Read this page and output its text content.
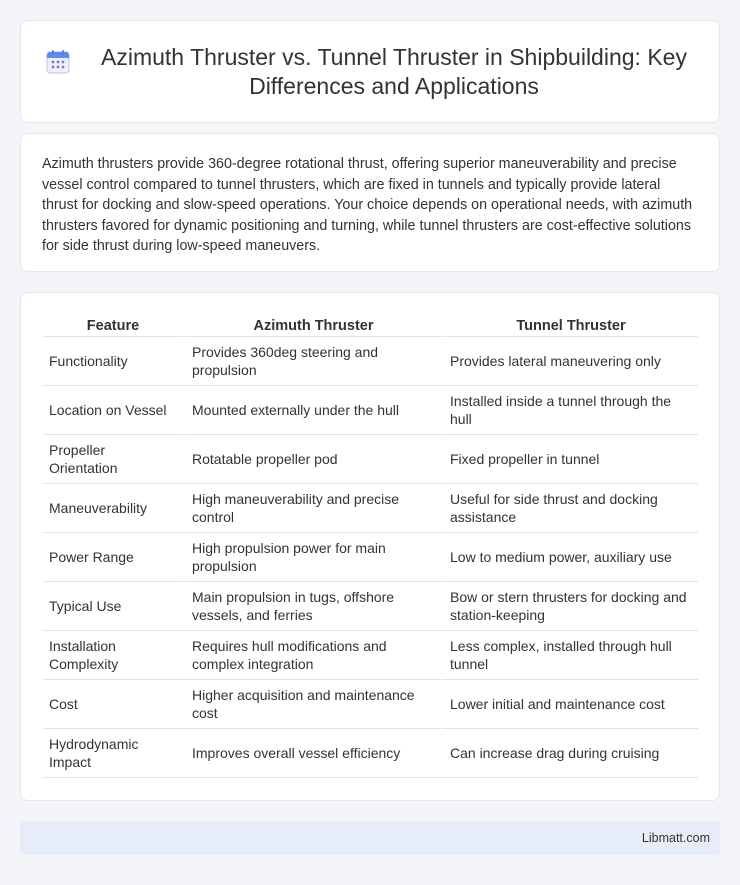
Azimuth Thruster vs. Tunnel Thruster in Shipbuilding: Key Differences and Applications

Azimuth thrusters provide 360-degree rotational thrust, offering superior maneuverability and precise vessel control compared to tunnel thrusters, which are fixed in tunnels and typically provide lateral thrust for docking and slow-speed operations. Your choice depends on operational needs, with azimuth thrusters favored for dynamic positioning and turning, while tunnel thrusters are cost-effective solutions for side thrust during low-speed maneuvers.

Feature	Azimuth Thruster	Tunnel Thruster
Functionality	Provides 360deg steering and propulsion	Provides lateral maneuvering only
Location on Vessel	Mounted externally under the hull	Installed inside a tunnel through the hull
Propeller Orientation	Rotatable propeller pod	Fixed propeller in tunnel
Maneuverability	High maneuverability and precise control	Useful for side thrust and docking assistance
Power Range	High propulsion power for main propulsion	Low to medium power, auxiliary use
Typical Use	Main propulsion in tugs, offshore vessels, and ferries	Bow or stern thrusters for docking and station-keeping
Installation Complexity	Requires hull modifications and complex integration	Less complex, installed through hull tunnel
Cost	Higher acquisition and maintenance cost	Lower initial and maintenance cost
Hydrodynamic Impact	Improves overall vessel efficiency	Can increase drag during cruising
Libmatt.com
